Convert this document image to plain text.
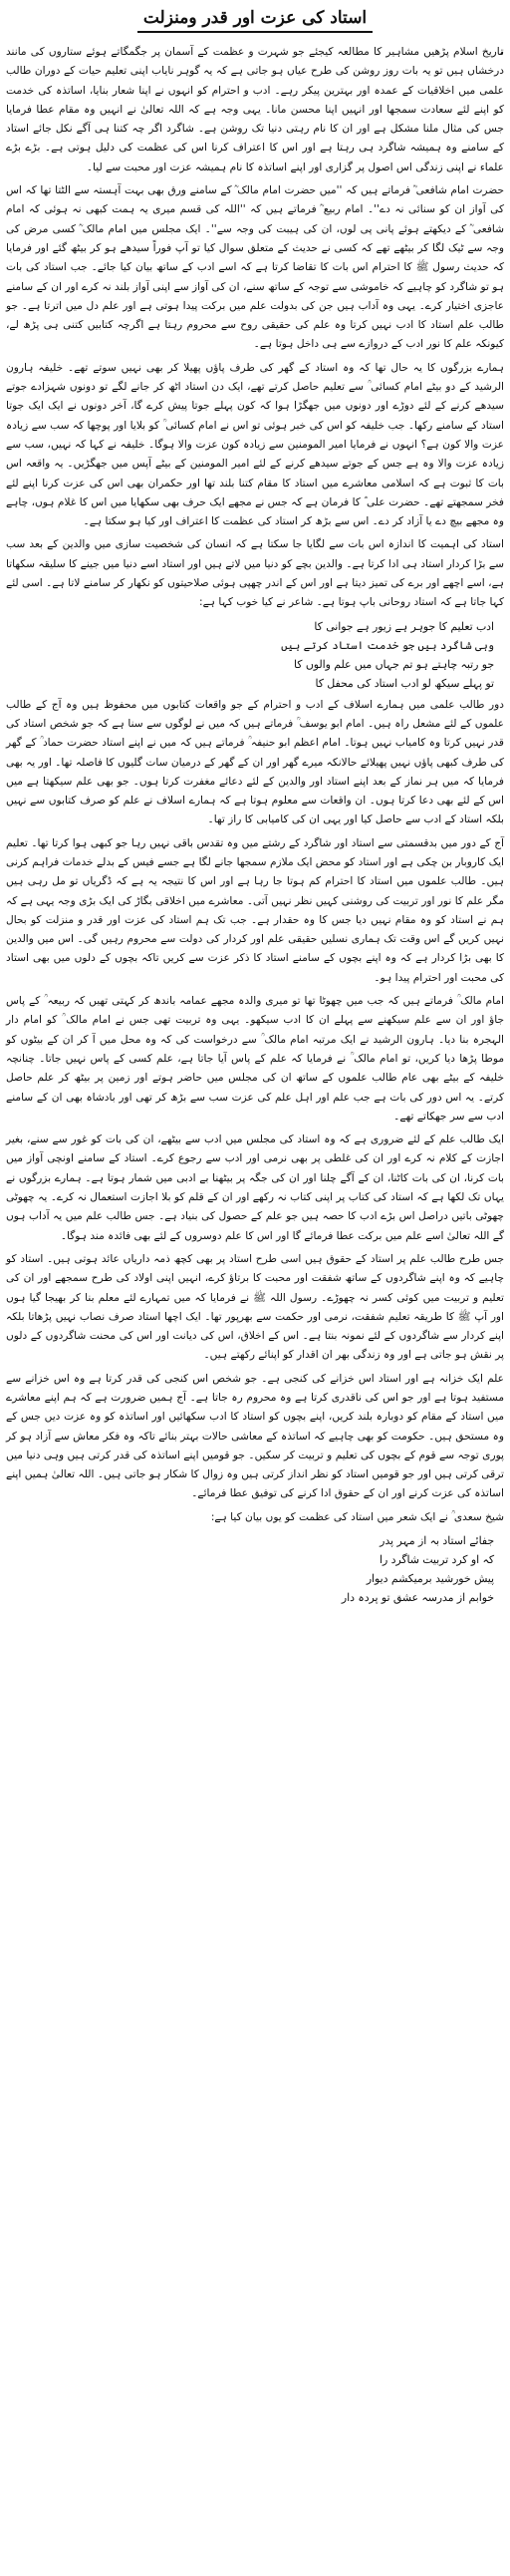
استاد کی عزت اور قدر ومنزلت

تاریخ اسلام پڑھیں مشاہیر کا مطالعہ کیجئے جو شہرت و عظمت کے آسمان پر جگمگاتے ہوئے ستاروں کی مانند درخشاں ہیں تو یہ بات روز روشن کی طرح عیاں ہو جاتی ہے کہ یہ گوہر نایاب اپنی تعلیم حیات کے دوران طالب علمی میں اخلاقیات کے عمدہ اور بہترین پیکر رہے۔ ادب و احترام کو انہوں نے اپنا شعار بنایا، اساتذہ کی خدمت کو اپنے لئے سعادت سمجھا اور انہیں اپنا محسن مانا۔ یہی وجہ ہے کہ اللہ تعالیٰ نے انہیں وہ مقام عطا فرمایا جس کی مثال ملنا مشکل ہے اور ان کا نام رہتی دنیا تک روشن ہے۔ شاگرد اگر چہ کتنا ہی آگے نکل جائے استاد کے سامنے وہ ہمیشہ شاگرد ہی رہتا ہے اور اس کا اعتراف کرنا اس کی عظمت کی دلیل ہوتی ہے۔ بڑے بڑے علماء نے اپنی زندگی اس اصول پر گزاری اور اپنے اساتذہ کا نام ہمیشہ عزت اور محبت سے لیا۔

حضرت امام شافعی ؒ فرماتے ہیں کہ ''میں حضرت امام مالک ؒ کے سامنے ورق بھی بہت آہستہ سے الٹتا تھا کہ اس کی آواز ان کو سنائی نہ دے''۔ امام ربیع ؒ فرماتے ہیں کہ ''اللہ کی قسم میری یہ ہمت کبھی نہ ہوئی کہ امام شافعی ؒ کے دیکھتے ہوئے پانی پی لوں، ان کی ہیبت کی وجہ سے''۔ ایک مجلس میں امام مالک ؒ کسی مرض کی وجہ سے ٹیک لگا کر بیٹھے تھے کہ کسی نے حدیث کے متعلق سوال کیا تو آپ فوراً سیدھے ہو کر بیٹھ گئے اور فرمایا کہ حدیث رسول ﷺ کا احترام اس بات کا تقاضا کرتا ہے کہ اسے ادب کے ساتھ بیان کیا جائے۔ جب استاد کی بات ہو تو شاگرد کو چاہیے کہ خاموشی سے توجہ کے ساتھ سنے، ان کی آواز سے اپنی آواز بلند نہ کرے اور ان کے سامنے عاجزی اختیار کرے۔ یہی وہ آداب ہیں جن کی بدولت علم میں برکت پیدا ہوتی ہے اور علم دل میں اترتا ہے۔ جو طالب علم استاد کا ادب نہیں کرتا وہ علم کی حقیقی روح سے محروم رہتا ہے اگرچہ کتابیں کتنی ہی پڑھ لے، کیونکہ علم کا نور ادب کے دروازے سے ہی داخل ہوتا ہے۔

ہمارے بزرگوں کا یہ حال تھا کہ وہ استاد کے گھر کی طرف پاؤں پھیلا کر بھی نہیں سوتے تھے۔ خلیفہ ہارون الرشید کے دو بیٹے امام کسائی ؒ سے تعلیم حاصل کرتے تھے، ایک دن استاد اٹھ کر جانے لگے تو دونوں شہزادے جوتے سیدھے کرنے کے لئے دوڑے اور دونوں میں جھگڑا ہوا کہ کون پہلے جوتا پیش کرے گا، آخر دونوں نے ایک ایک جوتا استاد کے سامنے رکھا۔ جب خلیفہ کو اس کی خبر ہوئی تو اس نے امام کسائی ؒ کو بلایا اور پوچھا کہ سب سے زیادہ عزت والا کون ہے؟ انہوں نے فرمایا امیر المومنین سے زیادہ کون عزت والا ہوگا۔ خلیفہ نے کہا کہ نہیں، سب سے زیادہ عزت والا وہ ہے جس کے جوتے سیدھے کرنے کے لئے امیر المومنین کے بیٹے آپس میں جھگڑیں۔ یہ واقعہ اس بات کا ثبوت ہے کہ اسلامی معاشرے میں استاد کا مقام کتنا بلند تھا اور حکمران بھی اس کی عزت کرنا اپنے لئے فخر سمجھتے تھے۔ حضرت علی ؓ کا فرمان ہے کہ جس نے مجھے ایک حرف بھی سکھایا میں اس کا غلام ہوں، چاہے وہ مجھے بیچ دے یا آزاد کر دے۔ اس سے بڑھ کر استاد کی عظمت کا اعتراف اور کیا ہو سکتا ہے۔

استاد کی اہمیت کا اندازہ اس بات سے لگایا جا سکتا ہے کہ انسان کی شخصیت سازی میں والدین کے بعد سب سے بڑا کردار استاد ہی ادا کرتا ہے۔ والدین بچے کو دنیا میں لاتے ہیں اور استاد اسے دنیا میں جینے کا سلیقہ سکھاتا ہے، اسے اچھے اور برے کی تمیز دیتا ہے اور اس کے اندر چھپی ہوئی صلاحیتوں کو نکھار کر سامنے لاتا ہے۔ اسی لئے کہا جاتا ہے کہ استاد روحانی باپ ہوتا ہے۔ شاعر نے کیا خوب کہا ہے:

ادب تعلیم کا جوہر ہے زیور ہے جوانی کا
وہی شاگرد ہیں جو خدمت استاد کرتے ہیں
جو رتبہ چاہتے ہو تم جہاں میں علم والوں کا
تو پہلے سیکھ لو ادب استاد کی محفل کا

دور طالب علمی میں ہمارے اسلاف کے ادب و احترام کے جو واقعات کتابوں میں محفوظ ہیں وہ آج کے طالب علموں کے لئے مشعل راہ ہیں۔ امام ابو یوسف ؒ فرماتے ہیں کہ میں نے لوگوں سے سنا ہے کہ جو شخص استاد کی قدر نہیں کرتا وہ کامیاب نہیں ہوتا۔ امام اعظم ابو حنیفہ ؒ فرماتے ہیں کہ میں نے اپنے استاد حضرت حماد ؒ کے گھر کی طرف کبھی پاؤں نہیں پھیلائے حالانکہ میرے گھر اور ان کے گھر کے درمیان سات گلیوں کا فاصلہ تھا۔ اور یہ بھی فرمایا کہ میں ہر نماز کے بعد اپنے استاد اور والدین کے لئے دعائے مغفرت کرتا ہوں۔ جو بھی علم سیکھتا ہے میں اس کے لئے بھی دعا کرتا ہوں۔ ان واقعات سے معلوم ہوتا ہے کہ ہمارے اسلاف نے علم کو صرف کتابوں سے نہیں بلکہ استاد کے ادب سے حاصل کیا اور یہی ان کی کامیابی کا راز تھا۔

آج کے دور میں بدقسمتی سے استاد اور شاگرد کے رشتے میں وہ تقدس باقی نہیں رہا جو کبھی ہوا کرتا تھا۔ تعلیم ایک کاروبار بن چکی ہے اور استاد کو محض ایک ملازم سمجھا جانے لگا ہے جسے فیس کے بدلے خدمات فراہم کرنی ہیں۔ طالب علموں میں استاد کا احترام کم ہوتا جا رہا ہے اور اس کا نتیجہ یہ ہے کہ ڈگریاں تو مل رہی ہیں مگر علم کا نور اور تربیت کی روشنی کہیں نظر نہیں آتی۔ معاشرے میں اخلاقی بگاڑ کی ایک بڑی وجہ یہی ہے کہ ہم نے استاد کو وہ مقام نہیں دیا جس کا وہ حقدار ہے۔ جب تک ہم استاد کی عزت اور قدر و منزلت کو بحال نہیں کریں گے اس وقت تک ہماری نسلیں حقیقی علم اور کردار کی دولت سے محروم رہیں گی۔ اس میں والدین کا بھی بڑا کردار ہے کہ وہ اپنے بچوں کے سامنے استاد کا ذکر عزت سے کریں تاکہ بچوں کے دلوں میں بھی استاد کی محبت اور احترام پیدا ہو۔

امام مالک ؒ فرماتے ہیں کہ جب میں چھوٹا تھا تو میری والدہ مجھے عمامہ باندھ کر کہتی تھیں کہ ربیعہ ؒ کے پاس جاؤ اور ان سے علم سیکھنے سے پہلے ان کا ادب سیکھو۔ یہی وہ تربیت تھی جس نے امام مالک ؒ کو امام دار الہجرہ بنا دیا۔ ہارون الرشید نے ایک مرتبہ امام مالک ؒ سے درخواست کی کہ وہ محل میں آ کر ان کے بیٹوں کو موطا پڑھا دیا کریں، تو امام مالک ؒ نے فرمایا کہ علم کے پاس آیا جاتا ہے، علم کسی کے پاس نہیں جاتا۔ چنانچہ خلیفہ کے بیٹے بھی عام طالب علموں کے ساتھ ان کی مجلس میں حاضر ہوتے اور زمین پر بیٹھ کر علم حاصل کرتے۔ یہ اس دور کی بات ہے جب علم اور اہل علم کی عزت سب سے بڑھ کر تھی اور بادشاہ بھی ان کے سامنے ادب سے سر جھکاتے تھے۔

ایک طالب علم کے لئے ضروری ہے کہ وہ استاد کی مجلس میں ادب سے بیٹھے، ان کی بات کو غور سے سنے، بغیر اجازت کے کلام نہ کرے اور ان کی غلطی پر بھی نرمی اور ادب سے رجوع کرے۔ استاد کے سامنے اونچی آواز میں بات کرنا، ان کی بات کاٹنا، ان کے آگے چلنا اور ان کی جگہ پر بیٹھنا بے ادبی میں شمار ہوتا ہے۔ ہمارے بزرگوں نے یہاں تک لکھا ہے کہ استاد کی کتاب پر اپنی کتاب نہ رکھے اور ان کے قلم کو بلا اجازت استعمال نہ کرے۔ یہ چھوٹی چھوٹی باتیں دراصل اس بڑے ادب کا حصہ ہیں جو علم کے حصول کی بنیاد ہے۔ جس طالب علم میں یہ آداب ہوں گے اللہ تعالیٰ اسے علم میں برکت عطا فرمائے گا اور اس کا علم دوسروں کے لئے بھی فائدہ مند ہوگا۔

جس طرح طالب علم پر استاد کے حقوق ہیں اسی طرح استاد پر بھی کچھ ذمہ داریاں عائد ہوتی ہیں۔ استاد کو چاہیے کہ وہ اپنے شاگردوں کے ساتھ شفقت اور محبت کا برتاؤ کرے، انہیں اپنی اولاد کی طرح سمجھے اور ان کی تعلیم و تربیت میں کوئی کسر نہ چھوڑے۔ رسول اللہ ﷺ نے فرمایا کہ میں تمہارے لئے معلم بنا کر بھیجا گیا ہوں اور آپ ﷺ کا طریقہ تعلیم شفقت، نرمی اور حکمت سے بھرپور تھا۔ ایک اچھا استاد صرف نصاب نہیں پڑھاتا بلکہ اپنے کردار سے شاگردوں کے لئے نمونہ بنتا ہے۔ اس کے اخلاق، اس کی دیانت اور اس کی محنت شاگردوں کے دلوں پر نقش ہو جاتی ہے اور وہ زندگی بھر ان اقدار کو اپنائے رکھتے ہیں۔

علم ایک خزانہ ہے اور استاد اس خزانے کی کنجی ہے۔ جو شخص اس کنجی کی قدر کرتا ہے وہ اس خزانے سے مستفید ہوتا ہے اور جو اس کی ناقدری کرتا ہے وہ محروم رہ جاتا ہے۔ آج ہمیں ضرورت ہے کہ ہم اپنے معاشرے میں استاد کے مقام کو دوبارہ بلند کریں، اپنے بچوں کو استاد کا ادب سکھائیں اور اساتذہ کو وہ عزت دیں جس کے وہ مستحق ہیں۔ حکومت کو بھی چاہیے کہ اساتذہ کے معاشی حالات بہتر بنائے تاکہ وہ فکر معاش سے آزاد ہو کر پوری توجہ سے قوم کے بچوں کی تعلیم و تربیت کر سکیں۔ جو قومیں اپنے اساتذہ کی قدر کرتی ہیں وہی دنیا میں ترقی کرتی ہیں اور جو قومیں استاد کو نظر انداز کرتی ہیں وہ زوال کا شکار ہو جاتی ہیں۔ اللہ تعالیٰ ہمیں اپنے اساتذہ کی عزت کرنے اور ان کے حقوق ادا کرنے کی توفیق عطا فرمائے۔

شیخ سعدی ؒ نے ایک شعر میں استاد کی عظمت کو یوں بیان کیا ہے:

جفائے استاد بہ از مہر پدر
کہ او کرد تربیت شاگرد را
پیش خورشید برمیکشم دیوار
خوابم از مدرسہ عشق تو پردہ دار
